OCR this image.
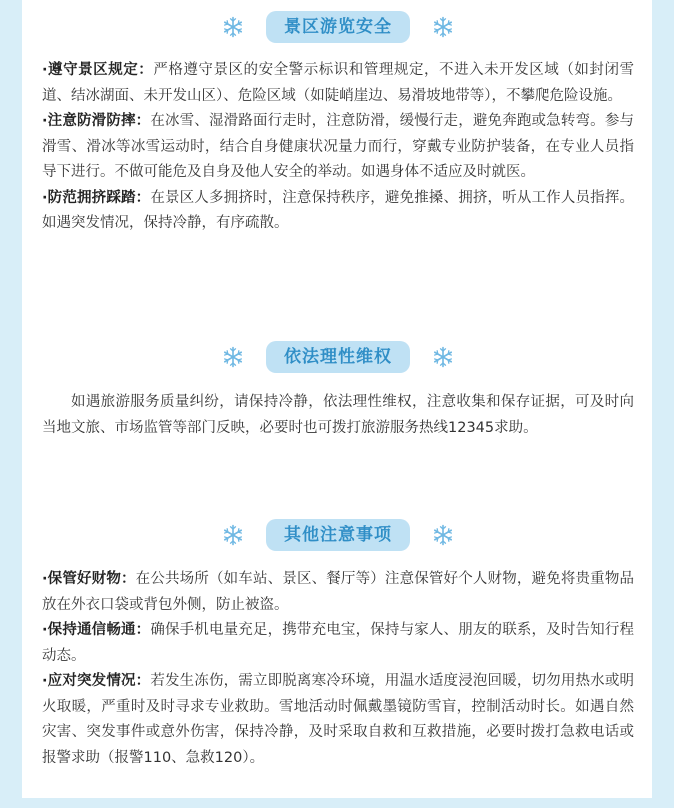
景区游览安全

·遵守景区规定：严格遵守景区的安全警示标识和管理规定，不进入未开发区域（如封闭雪道、结冰湖面、未开发山区）、危险区域（如陡峭崖边、易滑坡地带等），不攀爬危险设施。

·注意防滑防摔：在冰雪、湿滑路面行走时，注意防滑，缓慢行走，避免奔跑或急转弯。参与滑雪、滑冰等冰雪运动时，结合自身健康状况量力而行，穿戴专业防护装备，在专业人员指导下进行。不做可能危及自身及他人安全的举动。如遇身体不适应及时就医。

·防范拥挤踩踏：在景区人多拥挤时，注意保持秩序，避免推搡、拥挤，听从工作人员指挥。如遇突发情况，保持冷静，有序疏散。

依法理性维权

如遇旅游服务质量纠纷，请保持冷静，依法理性维权，注意收集和保存证据，可及时向当地文旅、市场监管等部门反映，必要时也可拨打旅游服务热线12345求助。

其他注意事项

·保管好财物：在公共场所（如车站、景区、餐厅等）注意保管好个人财物，避免将贵重物品放在外衣口袋或背包外侧，防止被盗。

·保持通信畅通：确保手机电量充足，携带充电宝，保持与家人、朋友的联系，及时告知行程动态。

·应对突发情况：若发生冻伤，需立即脱离寒冷环境，用温水适度浸泡回暖，切勿用热水或明火取暖，严重时及时寻求专业救助。雪地活动时佩戴墨镜防雪盲，控制活动时长。如遇自然灾害、突发事件或意外伤害，保持冷静，及时采取自救和互救措施，必要时拨打急救电话或报警求助（报警110、急救120）。
